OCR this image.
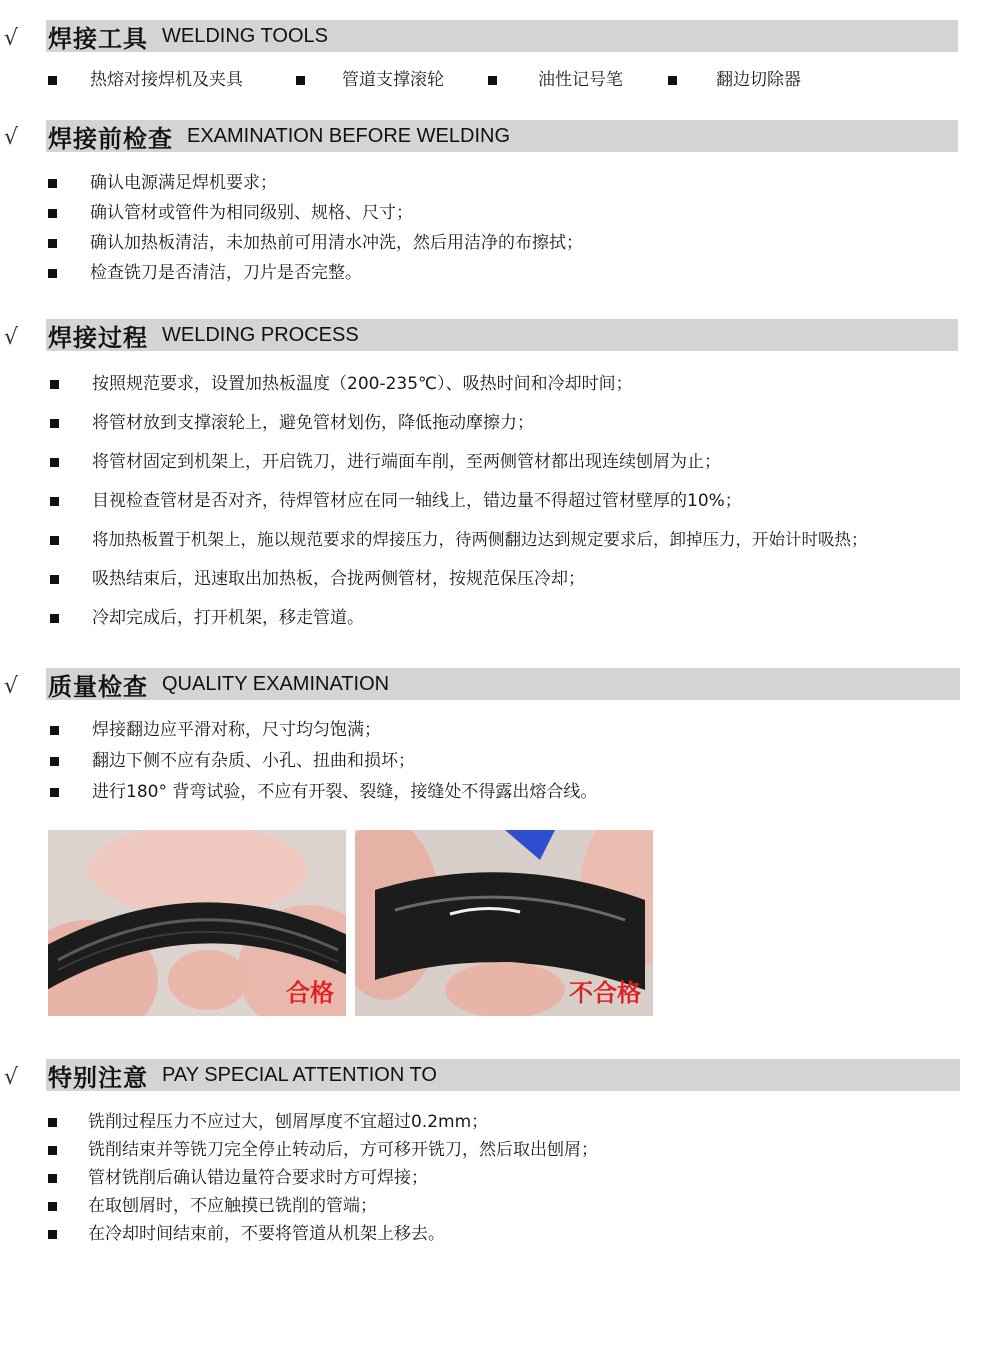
√ 焊接工具 WELDING TOOLS
热熔对接焊机及夹具	管道支撑滚轮	油性记号笔	翻边切除器
√ 焊接前检查 EXAMINATION BEFORE WELDING
确认电源满足焊机要求；
确认管材或管件为相同级别、规格、尺寸；
确认加热板清洁，未加热前可用清水冲洗，然后用洁净的布擦拭；
检查铣刀是否清洁，刀片是否完整。
√ 焊接过程 WELDING PROCESS
按照规范要求，设置加热板温度（200-235℃）、吸热时间和冷却时间；
将管材放到支撑滚轮上，避免管材划伤，降低拖动摩擦力；
将管材固定到机架上，开启铣刀，进行端面车削，至两侧管材都出现连续刨屑为止；
目视检查管材是否对齐，待焊管材应在同一轴线上，错边量不得超过管材壁厚的10%；
将加热板置于机架上，施以规范要求的焊接压力，待两侧翻边达到规定要求后，卸掉压力，开始计时吸热；
吸热结束后，迅速取出加热板，合拢两侧管材，按规范保压冷却；
冷却完成后，打开机架，移走管道。
√ 质量检查 QUALITY EXAMINATION
焊接翻边应平滑对称，尺寸均匀饱满；
翻边下侧不应有杂质、小孔、扭曲和损坏；
进行180° 背弯试验，不应有开裂、裂缝，接缝处不得露出熔合线。
合格	不合格
√ 特别注意 PAY SPECIAL ATTENTION TO
铣削过程压力不应过大，刨屑厚度不宜超过0.2mm；
铣削结束并等铣刀完全停止转动后，方可移开铣刀，然后取出刨屑；
管材铣削后确认错边量符合要求时方可焊接；
在取刨屑时，不应触摸已铣削的管端；
在冷却时间结束前，不要将管道从机架上移去。
